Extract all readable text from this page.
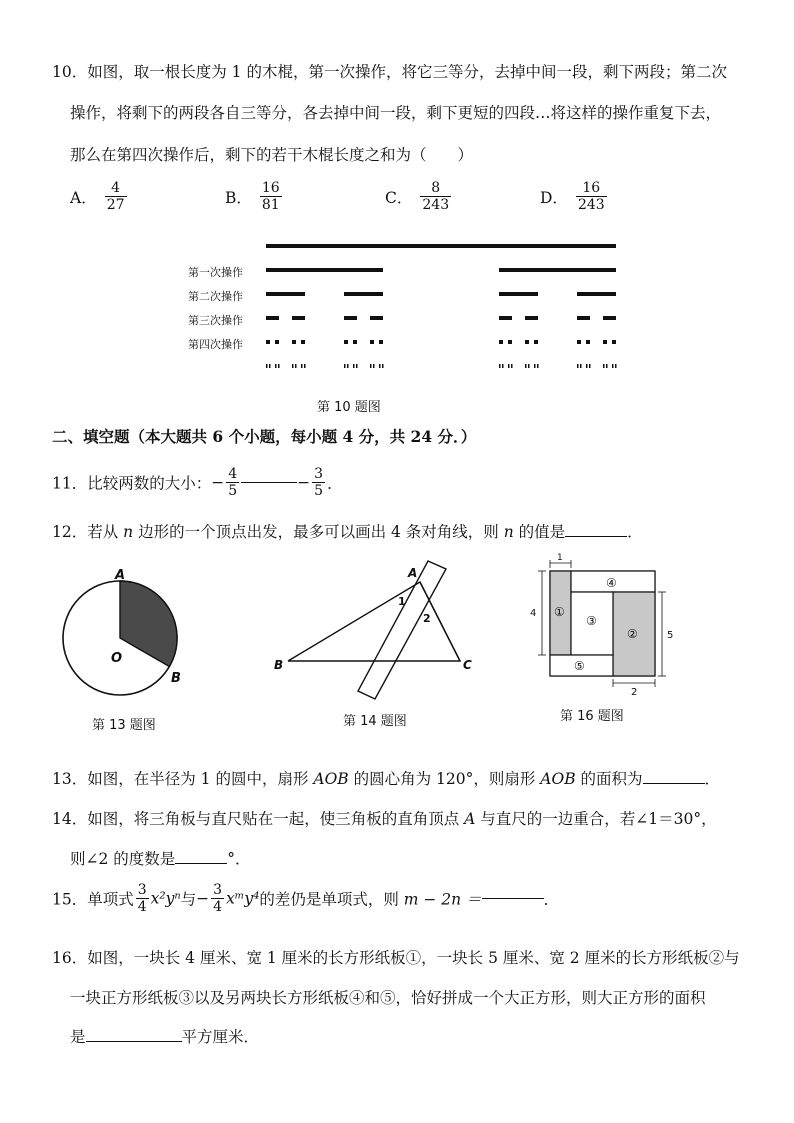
10．如图，取一根长度为 1 的木棍，第一次操作，将它三等分，去掉中间一段，剩下两段；第二次
操作，将剩下的两段各自三等分，各去掉中间一段，剩下更短的四段…将这样的操作重复下去，
那么在第四次操作后，剩下的若干木棍长度之和为（　　）
A． $\frac{4}{27}$	B． $\frac{16}{81}$	C． $\frac{8}{243}$	D． $\frac{16}{243}$
第一次操作
第二次操作
第三次操作
第四次操作
第 10 题图
二、填空题（本大题共 6 个小题，每小题 4 分，共 24 分．）
11．比较两数的大小：− $\frac{4}{5}$	− $\frac{3}{5}$ ．
12．若从 n 边形的一个顶点出发，最多可以画出 4 条对角线，则 n 的值是	．
A
O
B
第 13 题图
A
1
2
B	C
第 14 题图
1
4
5
2
①
②
③
④
⑤
第 16 题图
13．如图，在半径为 1 的圆中，扇形 AOB 的圆心角为 120°，则扇形 AOB 的面积为	．
14．如图，将三角板与直尺贴在一起，使三角板的直角顶点 A 与直尺的一边重合，若∠1＝30°，
则∠2 的度数是	°．
15．单项式 $\frac{3}{4} x^2y^n$与− $\frac{3}{4}$ xᵐy⁴的差仍是单项式，则 m − 2n ＝	．
16．如图，一块长 4 厘米、宽 1 厘米的长方形纸板①，一块长 5 厘米、宽 2 厘米的长方形纸板②与
一块正方形纸板③以及另两块长方形纸板④和⑤，恰好拼成一个大正方形，则大正方形的面积
是	平方厘米．
